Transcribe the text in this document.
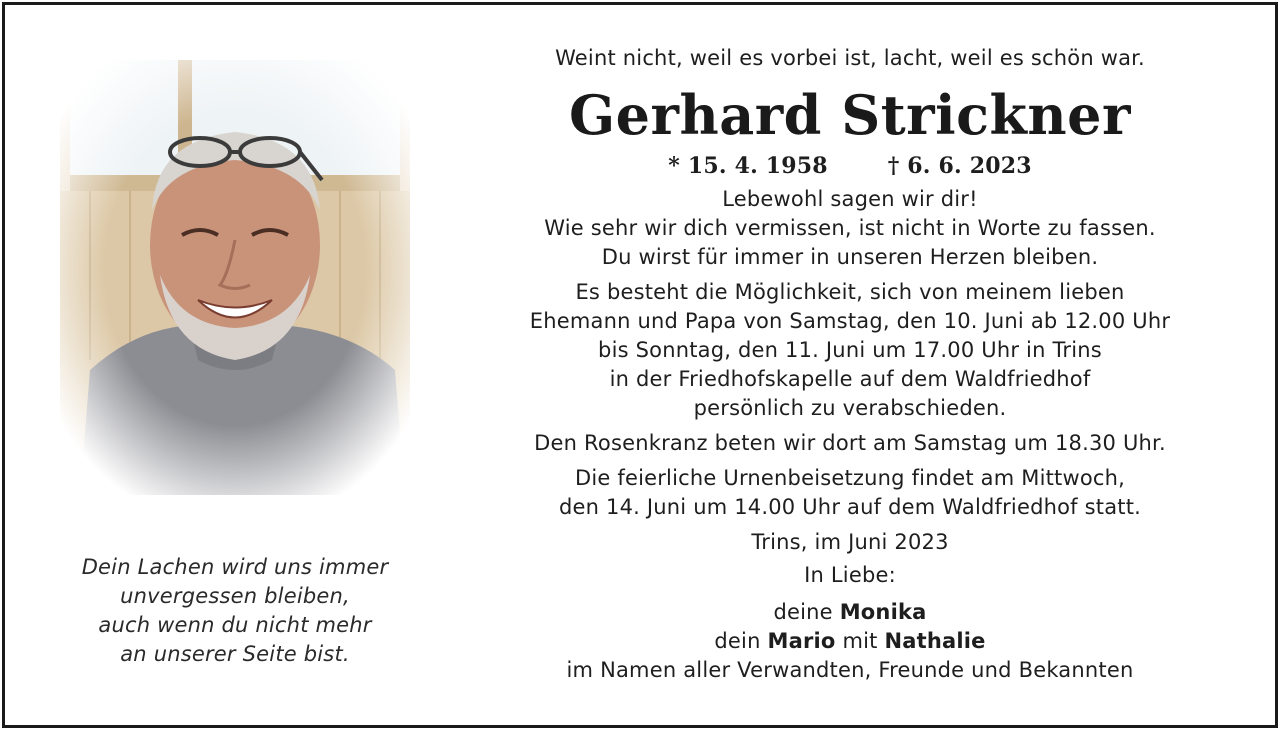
Dein Lachen wird uns immer
unvergessen bleiben,
auch wenn du nicht mehr
an unserer Seite bist.
Weint nicht, weil es vorbei ist, lacht, weil es schön war.
Gerhard Strickner
* 15. 4. 1958	† 6. 6. 2023
Lebewohl sagen wir dir!
Wie sehr wir dich vermissen, ist nicht in Worte zu fassen.
Du wirst für immer in unseren Herzen bleiben.
Es besteht die Möglichkeit, sich von meinem lieben
Ehemann und Papa von Samstag, den 10. Juni ab 12.00 Uhr
bis Sonntag, den 11. Juni um 17.00 Uhr in Trins
in der Friedhofskapelle auf dem Waldfriedhof
persönlich zu verabschieden.
Den Rosenkranz beten wir dort am Samstag um 18.30 Uhr.
Die feierliche Urnenbeisetzung findet am Mittwoch,
den 14. Juni um 14.00 Uhr auf dem Waldfriedhof statt.
Trins, im Juni 2023
In Liebe:
deine Monika
dein Mario mit Nathalie
im Namen aller Verwandten, Freunde und Bekannten
